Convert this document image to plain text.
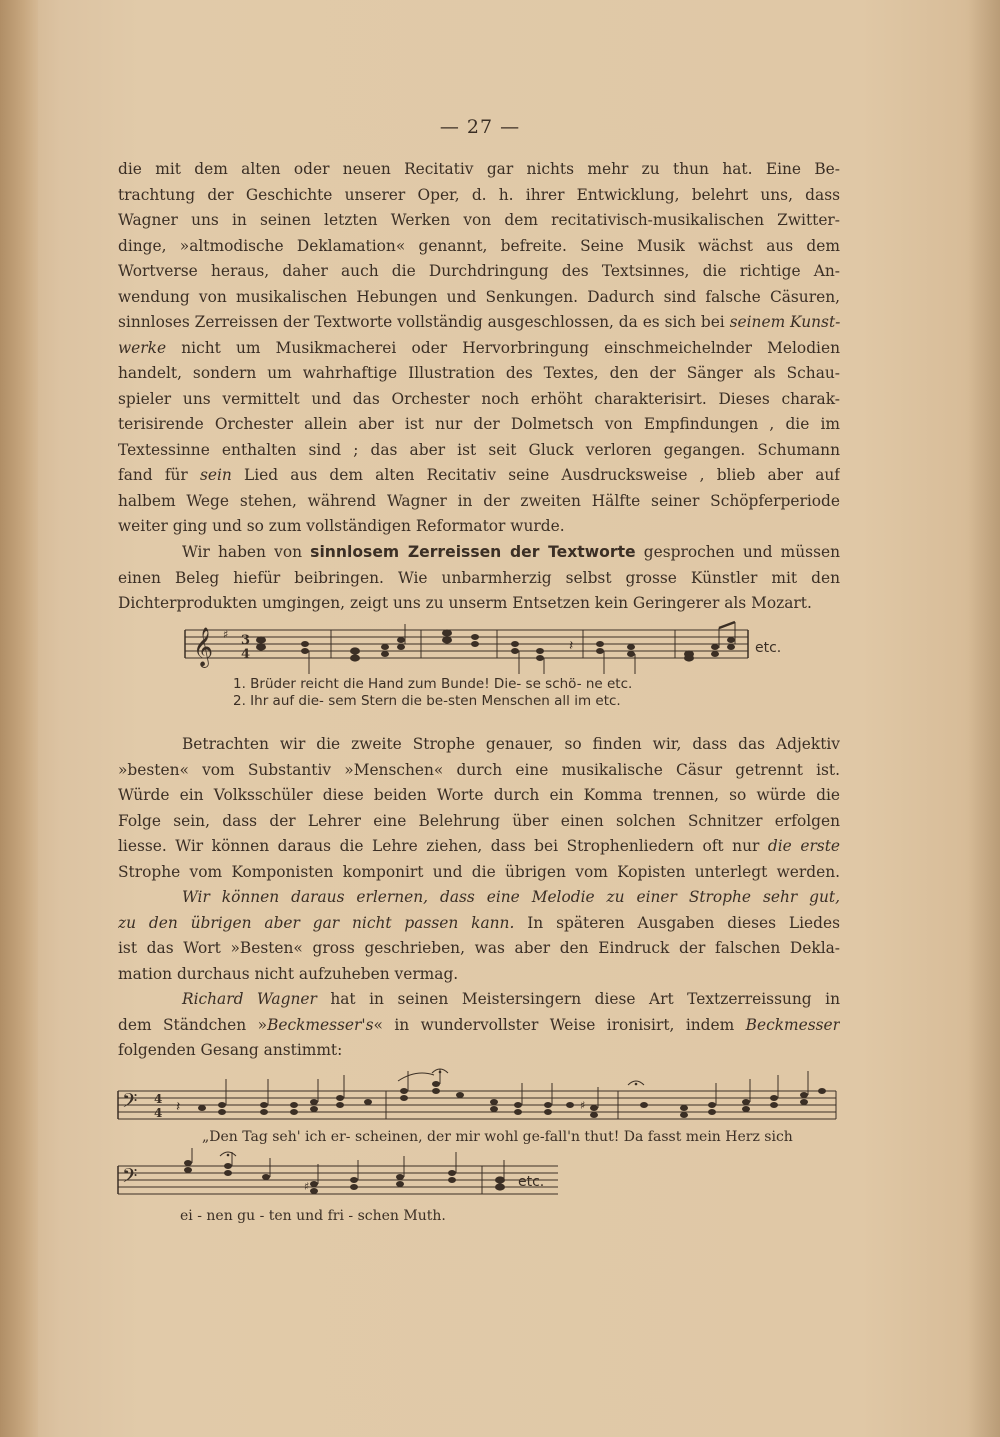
— 27 —
die mit dem alten oder neuen Recitativ gar nichts mehr zu thun hat. Eine Be-
trachtung der Geschichte unserer Oper, d. h. ihrer Entwicklung, belehrt uns, dass
Wagner uns in seinen letzten Werken von dem recitativisch-musikalischen Zwitter-
dinge, »altmodische Deklamation« genannt, befreite. Seine Musik wächst aus dem
Wortverse heraus, daher auch die Durchdringung des Textsinnes, die richtige An-
wendung von musikalischen Hebungen und Senkungen. Dadurch sind falsche Cäsuren,
sinnloses Zerreissen der Textworte vollständig ausgeschlossen, da es sich bei seinem Kunst-
werke nicht um Musikmacherei oder Hervorbringung einschmeichelnder Melodien
handelt, sondern um wahrhaftige Illustration des Textes, den der Sänger als Schau-
spieler uns vermittelt und das Orchester noch erhöht charakterisirt. Dieses charak-
terisirende Orchester allein aber ist nur der Dolmetsch von Empfindungen , die im
Textessinne enthalten sind ; das aber ist seit Gluck verloren gegangen. Schumann
fand für sein Lied aus dem alten Recitativ seine Ausdrucksweise , blieb aber auf
halbem Wege stehen, während Wagner in der zweiten Hälfte seiner Schöpferperiode
weiter ging und so zum vollständigen Reformator wurde.
Wir haben von sinnlosem Zerreissen der Textworte gesprochen und müssen
einen Beleg hiefür beibringen. Wie unbarmherzig selbst grosse Künstler mit den
Dichterprodukten umgingen, zeigt uns zu unserm Entsetzen kein Geringerer als Mozart.
𝄞 ♯
𝄽	etc.
3
4
1. Brüder reicht die Hand zum Bunde! Die- se schö- ne etc.
2. Ihr auf die- sem Stern die be-sten Menschen all im etc.
Betrachten wir die zweite Strophe genauer, so finden wir, dass das Adjektiv
»besten« vom Substantiv »Menschen« durch eine musikalische Cäsur getrennt ist.
Würde ein Volksschüler diese beiden Worte durch ein Komma trennen, so würde die
Folge sein, dass der Lehrer eine Belehrung über einen solchen Schnitzer erfolgen
liesse. Wir können daraus die Lehre ziehen, dass bei Strophenliedern oft nur die erste
Strophe vom Komponisten komponirt und die übrigen vom Kopisten unterlegt werden.
Wir können daraus erlernen, dass eine Melodie zu einer Strophe sehr gut,
zu den übrigen aber gar nicht passen kann. In späteren Ausgaben dieses Liedes
ist das Wort »Besten« gross geschrieben, was aber den Eindruck der falschen Dekla-
mation durchaus nicht aufzuheben vermag.
Richard Wagner hat in seinen Meistersingern diese Art Textzerreissung in
dem Ständchen »Beckmesser's« in wundervollster Weise ironisirt, indem Beckmesser
folgenden Gesang anstimmt:
𝄢 4
4 𝄽	♯
„Den Tag seh' ich er- scheinen, der mir wohl ge-fall'n thut! Da fasst mein Herz sich
𝄢	♯	etc.
ei - nen gu - ten und fri - schen Muth.
